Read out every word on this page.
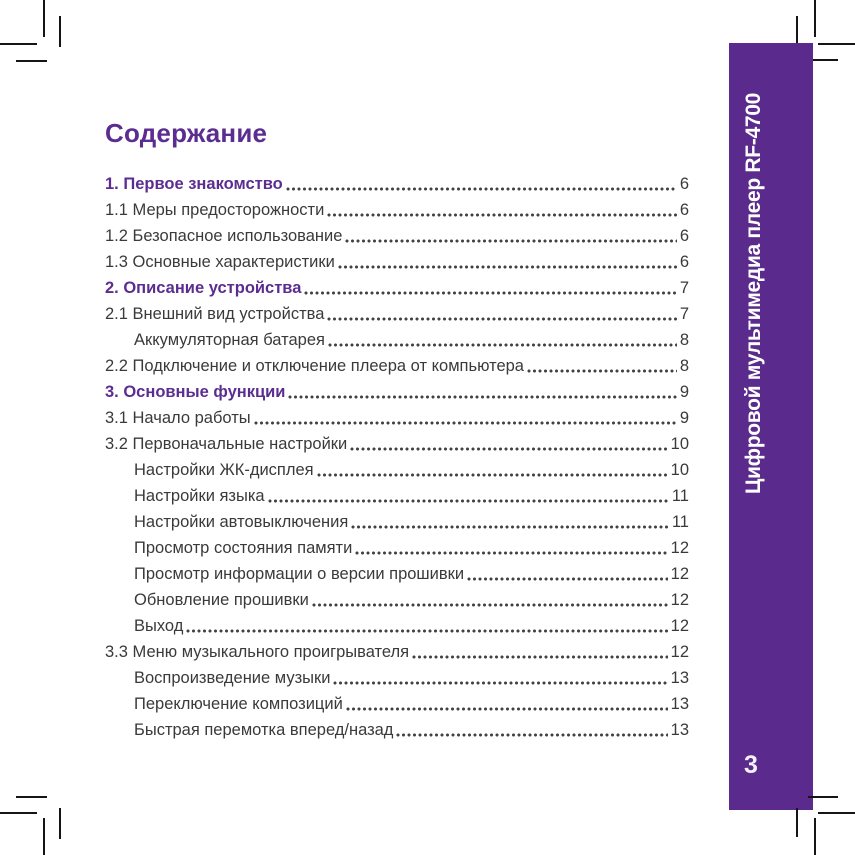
Содержание
1. Первое знакомство	6
1.1 Меры предосторожности	6
1.2 Безопасное использование	6
1.3 Основные характеристики	6
2. Описание устройства	7
2.1 Внешний вид устройства	7
Аккумуляторная батарея	8
2.2 Подключение и отключение плеера от компьютера	8
3. Основные функции	9
3.1 Начало работы	9
3.2 Первоначальные настройки	10
Настройки ЖК-дисплея	10
Настройки языка	11
Настройки автовыключения	11
Просмотр состояния памяти	12
Просмотр информации о версии прошивки	12
Обновление прошивки	12
Выход	12
3.3 Меню музыкального проигрывателя	12
Воспроизведение музыки	13
Переключение композиций	13
Быстрая перемотка вперед/назад	13
Цифровой мультимедиа плеер RF-4700
3
